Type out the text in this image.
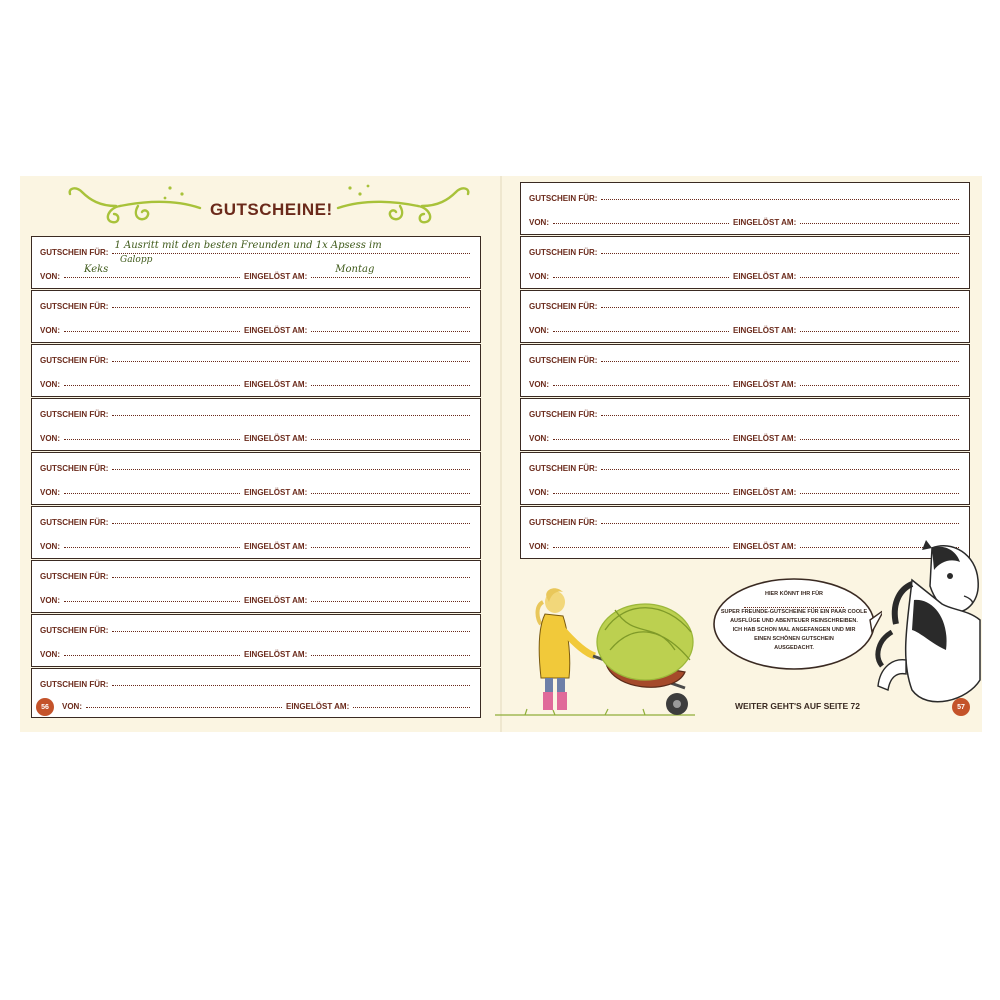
GUTSCHEINE!
GUTSCHEIN FÜR:
1 Ausritt mit den besten Freunden und 1x Apsess im
Galopp
VON:
Keks
EINGELÖST AM:
Montag
GUTSCHEIN FÜR:
VON:	EINGELÖST AM:
GUTSCHEIN FÜR:
VON:	EINGELÖST AM:
GUTSCHEIN FÜR:
VON:	EINGELÖST AM:
GUTSCHEIN FÜR:
VON:	EINGELÖST AM:
GUTSCHEIN FÜR:
VON:	EINGELÖST AM:
GUTSCHEIN FÜR:
VON:	EINGELÖST AM:
GUTSCHEIN FÜR:
VON:	EINGELÖST AM:
GUTSCHEIN FÜR:
VON:	EINGELÖST AM:
56
GUTSCHEIN FÜR:
VON:	EINGELÖST AM:
GUTSCHEIN FÜR:
VON:	EINGELÖST AM:
GUTSCHEIN FÜR:
VON:	EINGELÖST AM:
GUTSCHEIN FÜR:
VON:	EINGELÖST AM:
GUTSCHEIN FÜR:
VON:	EINGELÖST AM:
GUTSCHEIN FÜR:
VON:	EINGELÖST AM:
GUTSCHEIN FÜR:
VON:	EINGELÖST AM:
HIER KÖNNT IHR FÜR
SUPER FREUNDE-GUTSCHEINE FÜR EIN PAAR COOLE
AUSFLÜGE UND ABENTEUER REINSCHREIBEN.
ICH HAB SCHON MAL ANGEFANGEN UND MIR
EINEN SCHÖNEN GUTSCHEIN
AUSGEDACHT.
WEITER GEHT'S AUF SEITE 72	57
